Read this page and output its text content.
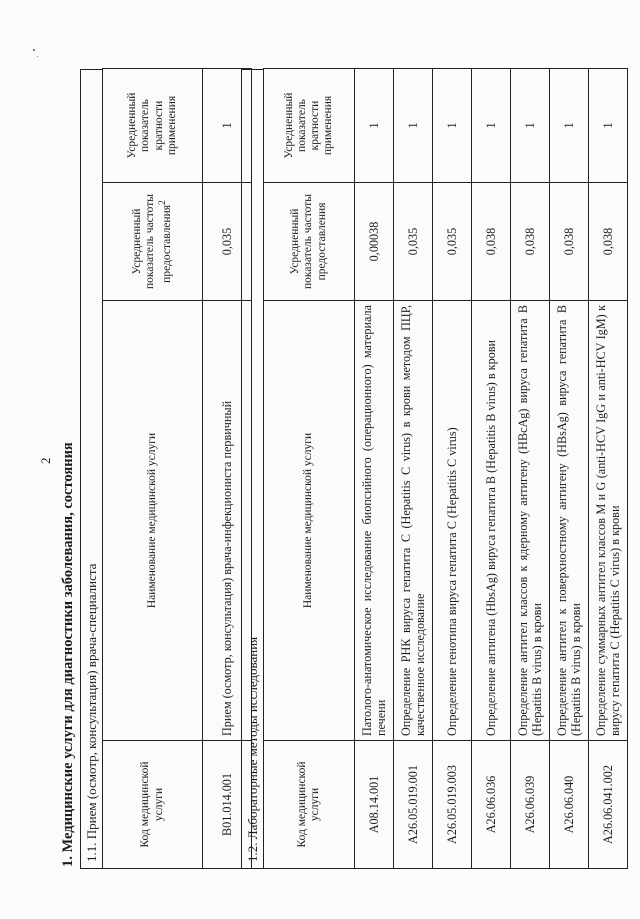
2 1. Медицинские услуги для диагностики заболевания, состояния 1.1. Прием (осмотр, консультация) врача-специалиста	Код медицинской услуги	Наименование медицинской услуги	Усредненный показатель частоты предоставления$^2$	Усредненный показатель кратности применения
B01.014.001	Прием (осмотр, консультация) врача-инфекциониста первичный	0,035	1
1.2. Лабораторные методы исследования	Код медицинской услуги	Наименование медицинской услуги	Усредненный показатель частоты предоставления	Усредненный показатель кратности применения
A08.14.001	Патолого-анатомическое исследование биопсийного (операционного) материала печени	0,00038	1
A26.05.019.001	Определение РНК вируса гепатита C (Hepatitis C virus) в крови методом ПЦР, качественное исследование	0,035	1
A26.05.019.003	Определение генотипа вируса гепатита C (Hepatitis C virus)	0,035	1
A26.06.036	Определение антигена (HbsAg) вируса гепатита B (Hepatitis B virus) в крови	0,038	1
A26.06.039	Определение антител классов к ядерному антигену (HBcAg) вируса гепатита B (Hepatitis B virus) в крови	0,038	1
A26.06.040	Определение антител к поверхностному антигену (HBsAg) вируса гепатита B (Hepatitis B virus) в крови	0,038	1
A26.06.041.002	Определение суммарных антител классов M и G (anti-HCV IgG и anti-HCV IgM) к вирусу гепатита C (Hepatitis C virus) в крови	0,038	1
